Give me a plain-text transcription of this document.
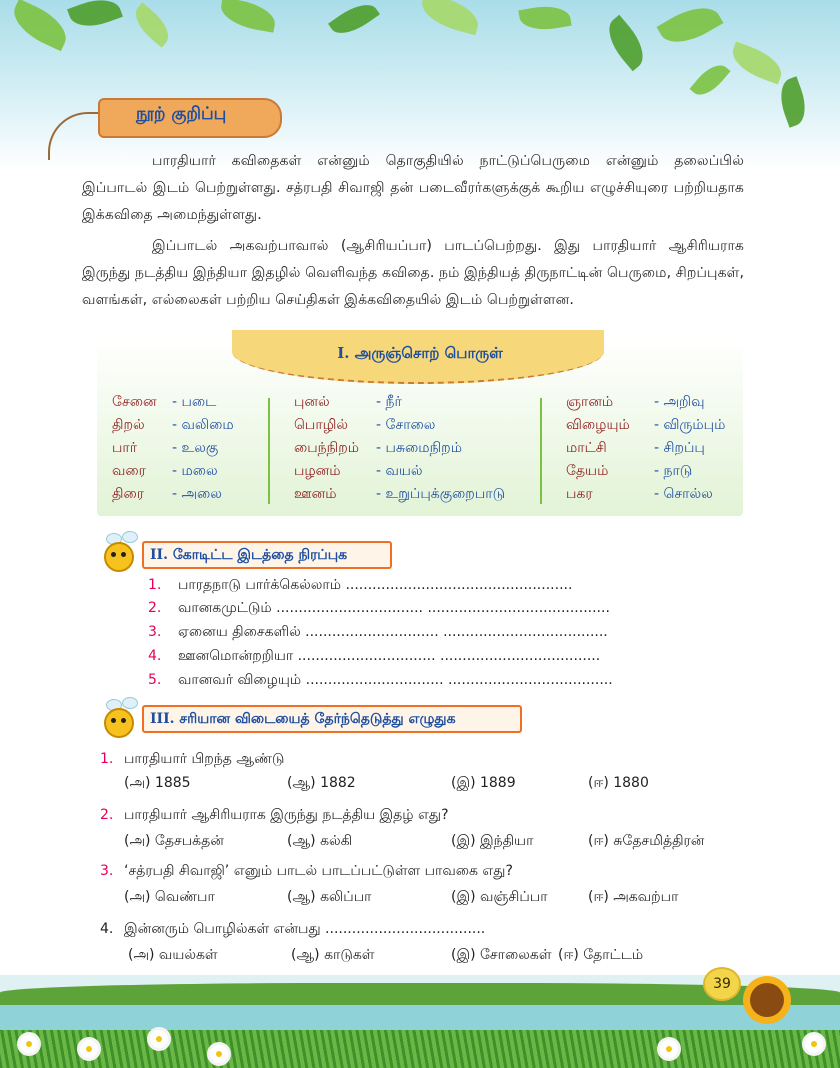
நூற் குறிப்பு

பாரதியார் கவிதைகள் என்னும் தொகுதியில் நாட்டுப்பெருமை என்னும் தலைப்பில் இப்பாடல் இடம் பெற்றுள்ளது. சத்ரபதி சிவாஜி தன் படைவீரர்களுக்குக் கூறிய எழுச்சியுரை பற்றியதாக இக்கவிதை அமைந்துள்ளது.

இப்பாடல் அகவற்பாவால் (ஆசிரியப்பா) பாடப்பெற்றது. இது பாரதியார் ஆசிரியராக இருந்து நடத்திய இந்தியா இதழில் வெளிவந்த கவிதை. நம் இந்தியத் திருநாட்டின் பெருமை, சிறப்புகள், வளங்கள், எல்லைகள் பற்றிய செய்திகள் இக்கவிதையில் இடம் பெற்றுள்ளன.

I. அருஞ்சொற் பொருள்
சேனை - படை
திறல் - வலிமை
பார் - உலகு
வரை - மலை
திரை - அலை
புனல்	- நீர்
பொழில் - சோலை
பைந்நிறம் - பசுமைநிறம்
பழனம்	- வயல்
ஊனம்	- உறுப்புக்குறைபாடு
ஞானம்	- அறிவு
விழையும் - விரும்பும்
மாட்சி	- சிறப்பு
தேயம்	- நாடு
பகர	- சொல்ல
II. கோடிட்ட இடத்தை நிரப்புக
1. பாரதநாடு பார்க்கெல்லாம் ...................................................
2. வானகமுட்டும் ................................. .........................................
3. ஏனைய திசைகளில் .............................. .....................................
4. ஊனமொன்றறியா ............................... ....................................
5. வானவர் விழையும் ............................... .....................................
III. சரியான விடையைத் தேர்ந்தெடுத்து எழுதுக
1. பாரதியார் பிறந்த ஆண்டு
(அ) 1885	(ஆ) 1882	(இ) 1889	(ஈ) 1880
2. பாரதியார் ஆசிரியராக இருந்து நடத்திய இதழ் எது?
(அ) தேசபக்தன்	(ஆ) கல்கி	(இ) இந்தியா	(ஈ) சுதேசமித்திரன்
3. ‘சத்ரபதி சிவாஜி’ எனும் பாடல் பாடப்பட்டுள்ள பாவகை எது?
(அ) வெண்பா	(ஆ) கலிப்பா	(இ) வஞ்சிப்பா	(ஈ) அகவற்பா
4. இன்னரும் பொழில்கள் என்பது ....................................
(அ) வயல்கள்	(ஆ) காடுகள்	(இ) சோலைகள் (ஈ) தோட்டம்
39
